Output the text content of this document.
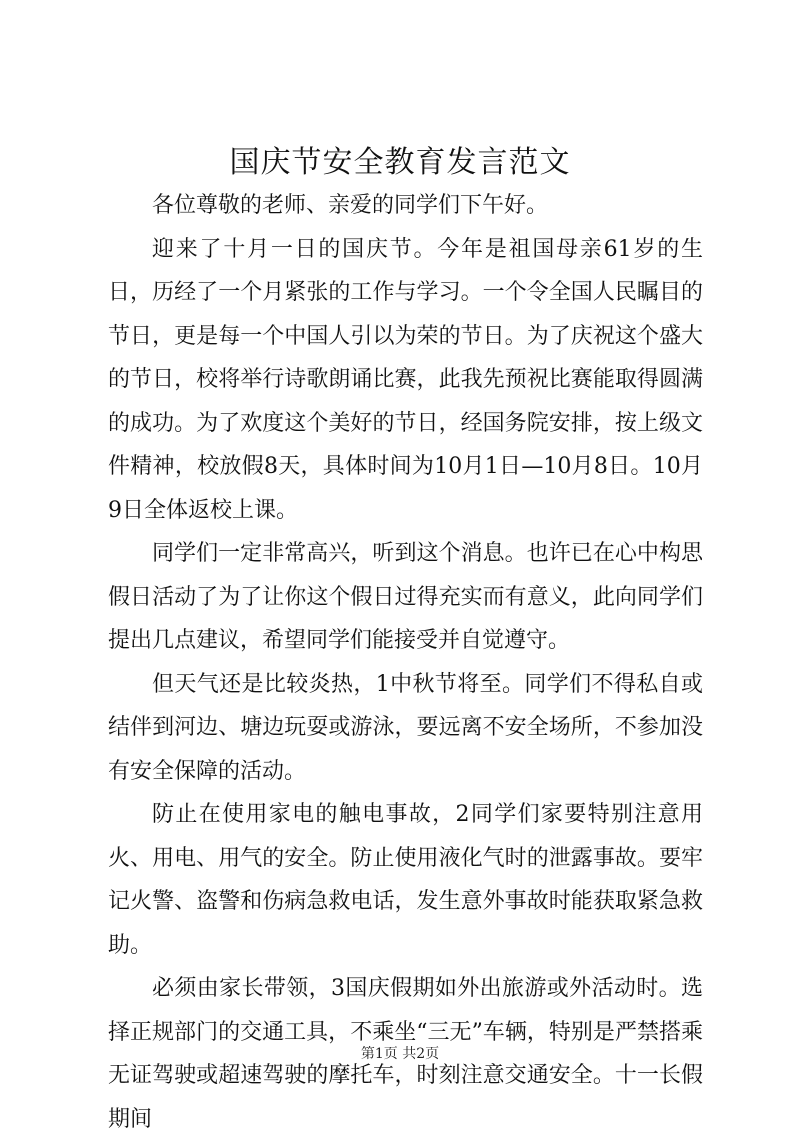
国庆节安全教育发言范文

各位尊敬的老师、亲爱的同学们下午好。

迎来了十月一日的国庆节。今年是祖国母亲61岁的生日，历经了一个月紧张的工作与学习。一个令全国人民瞩目的节日，更是每一个中国人引以为荣的节日。为了庆祝这个盛大的节日，校将举行诗歌朗诵比赛，此我先预祝比赛能取得圆满的成功。为了欢度这个美好的节日，经国务院安排，按上级文件精神，校放假8天，具体时间为10月1日—10月8日。10月9日全体返校上课。

同学们一定非常高兴，听到这个消息。也许已在心中构思假日活动了为了让你这个假日过得充实而有意义，此向同学们提出几点建议，希望同学们能接受并自觉遵守。

但天气还是比较炎热，1中秋节将至。同学们不得私自或结伴到河边、塘边玩耍或游泳，要远离不安全场所，不参加没有安全保障的活动。

防止在使用家电的触电事故，2同学们家要特别注意用火、用电、用气的安全。防止使用液化气时的泄露事故。要牢记火警、盗警和伤病急救电话，发生意外事故时能获取紧急救助。

必须由家长带领，3国庆假期如外出旅游或外活动时。选择正规部门的交通工具，不乘坐“三无”车辆，特别是严禁搭乘无证驾驶或超速驾驶的摩托车，时刻注意交通安全。十一长假期间

第1页 共2页
